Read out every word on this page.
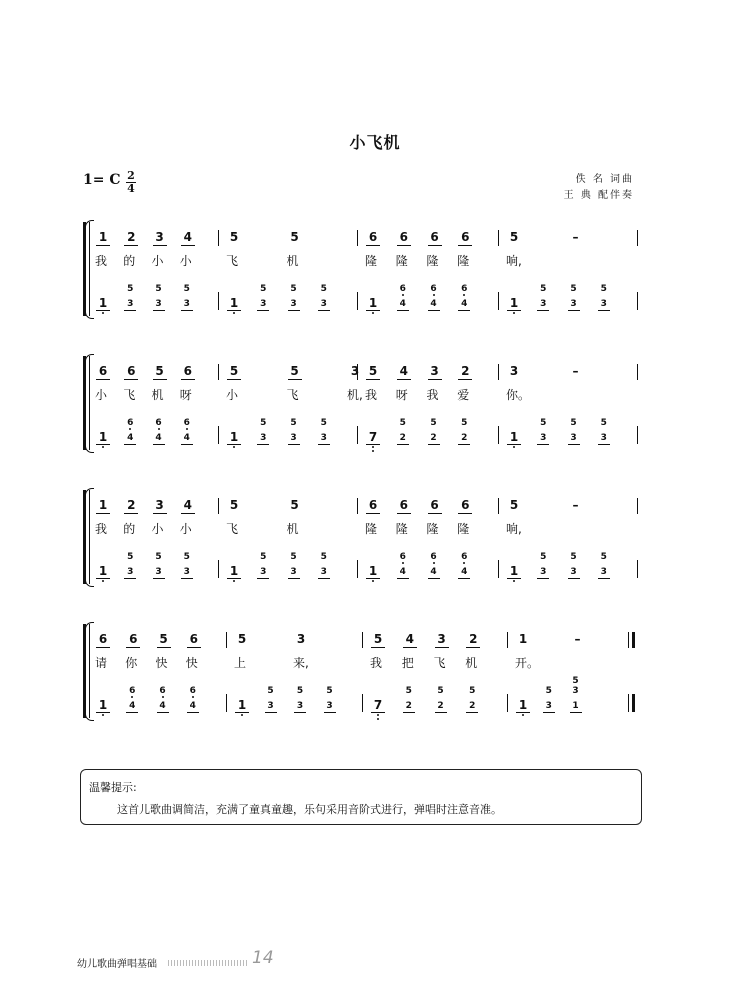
小飞机
1= C 2
4
佚 名 词曲
王 典 配伴奏
1 2 3 4
我	的	小	小
1 3
5
3
5
3
5
5	5
飞	机
1 3
5
3
5
3
5
6 6 6 6
隆	隆	隆	隆
1 4
6
4
6
4
6
5	–
响,
1 3
5
3
5
3
5
6 6 5 6
小	飞	机	呀
1 4
6
4
6
4
6
5	5	3
小	飞	机,
1 3
5
3
5
3
5
5 4 3 2
我	呀	我	爱
7 2
5
2
5
2
5
3	–
你。
1 3
5
3
5
3
5
1 2 3 4
我	的	小	小
1 3
5
3
5
3
5
5	5
飞	机
1 3
5
3
5
3
5
6 6 6 6
隆	隆	隆	隆
1 4
6
4
6
4
6
5	–
响,
1 3
5
3
5
3
5
6 6 5 6
请	你	快	快
1 4
6
4
6
4
6
5	3
上	来,
1 3
5
3
5
3
5
5 4 3 2
我	把	飞	机
7	2
5
2
5
2
5
1	–
开。
1 3
5
1
3
5
温馨提示:
这首儿歌曲调简洁，充满了童真童趣，乐句采用音阶式进行，弹唱时注意音准。
幼儿歌曲弹唱基础	14
